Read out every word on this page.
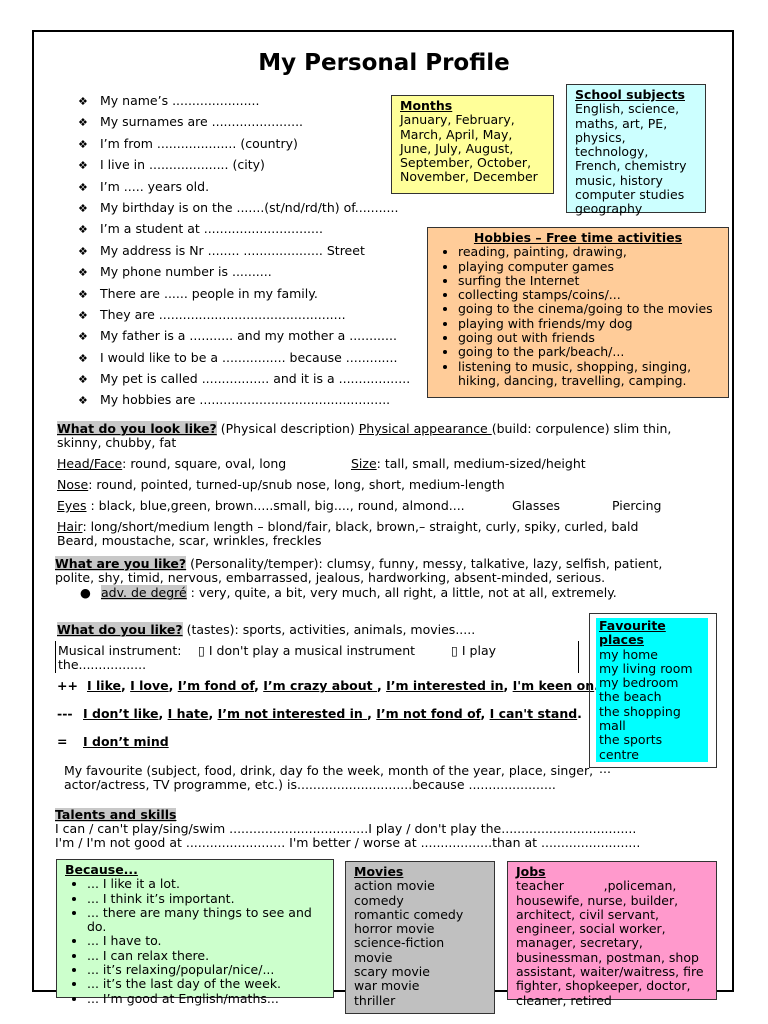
My Personal Profile
❖ My name’s ......................
❖ My surnames are .......................
❖ I’m from .................... (country)
❖ I live in .................... (city)
❖ I’m ..... years old.
❖ My birthday is on the .......(st/nd/rd/th) of...........
❖ I’m a student at ..............................
❖ My address is Nr ........ .................... Street
❖ My phone number is ..........
❖ There are ...... people in my family.
❖ They are ...............................................
❖ My father is a ........... and my mother a ............
❖ I would like to be a ................ because .............
❖ My pet is called ................. and it is a ..................
❖ My hobbies are ................................................
Months
January, February,
March, April, May,
June, July, August,
September, October,
November, December
School subjects
English, science,
maths, art, PE,
physics,
technology,
French, chemistry
music, history
computer studies
geography
Hobbies – Free time activities
• reading, painting, drawing,
• playing computer games
• surfing the Internet
• collecting stamps/coins/...
• going to the cinema/going to the movies
• playing with friends/my dog
• going out with friends
• going to the park/beach/...
• listening to music, shopping, singing, hiking, dancing, travelling, camping.
What do you look like? (Physical description) Physical appearance (build: corpulence) slim thin,
skinny, chubby, fat
Head/Face: round, square, oval, long	Size: tall, small, medium-sized/height
Nose: round, pointed, turned-up/snub nose, long, short, medium-length
Eyes : black, blue,green, brown.....small, big...., round, almond....	Glasses	Piercing
Hair: long/short/medium length – blond/fair, black, brown,– straight, curly, spiky, curled, bald
Beard, moustache, scar, wrinkles, freckles
What are you like? (Personality/temper): clumsy, funny, messy, talkative, lazy, selfish, patient,
polite, shy, timid, nervous, embarrassed, jealous, hardworking, absent-minded, serious.
● adv. de degré : very, quite, a bit, very much, all right, a little, not at all, extremely.
What do you like? (tastes): sports, activities, animals, movies.....
Musical instrument: ▯ I don't play a musical instrument	▯ I play
the.................
++ I like, I love, I’m fond of, I’m crazy about , I’m interested in, I'm keen on
--- I don’t like, I hate, I’m not interested in , I’m not fond of, I can't stand.
= I don’t mind
My favourite (subject, food, drink, day fo the week, month of the year, place, singer,
actor/actress, TV programme, etc.) is.............................because ......................
Favourite places
my home
my living room
my bedroom
the beach
the shopping mall
the sports centre
...
Talents and skills
I can / can't play/sing/swim ...................................I play / don't play the..................................
I'm / I'm not good at ......................... I'm better / worse at ..................than at .........................
Because...
• ... I like it a lot.
• ... I think it’s important.
• ... there are many things to see and do.
• ... I have to.
• ... I can relax there.
• ... it’s relaxing/popular/nice/...
• ... it’s the last day of the week.
• ... I’m good at English/maths...
Movies
action movie
comedy
romantic comedy
horror movie
science-fiction
movie
scary movie
war movie
thriller
Jobs
teacher          ,policeman, housewife, nurse, builder, architect, civil servant, engineer, social worker, manager, secretary, businessman, postman, shop assistant, waiter/waitress, fire fighter, shopkeeper, doctor, cleaner, retired
